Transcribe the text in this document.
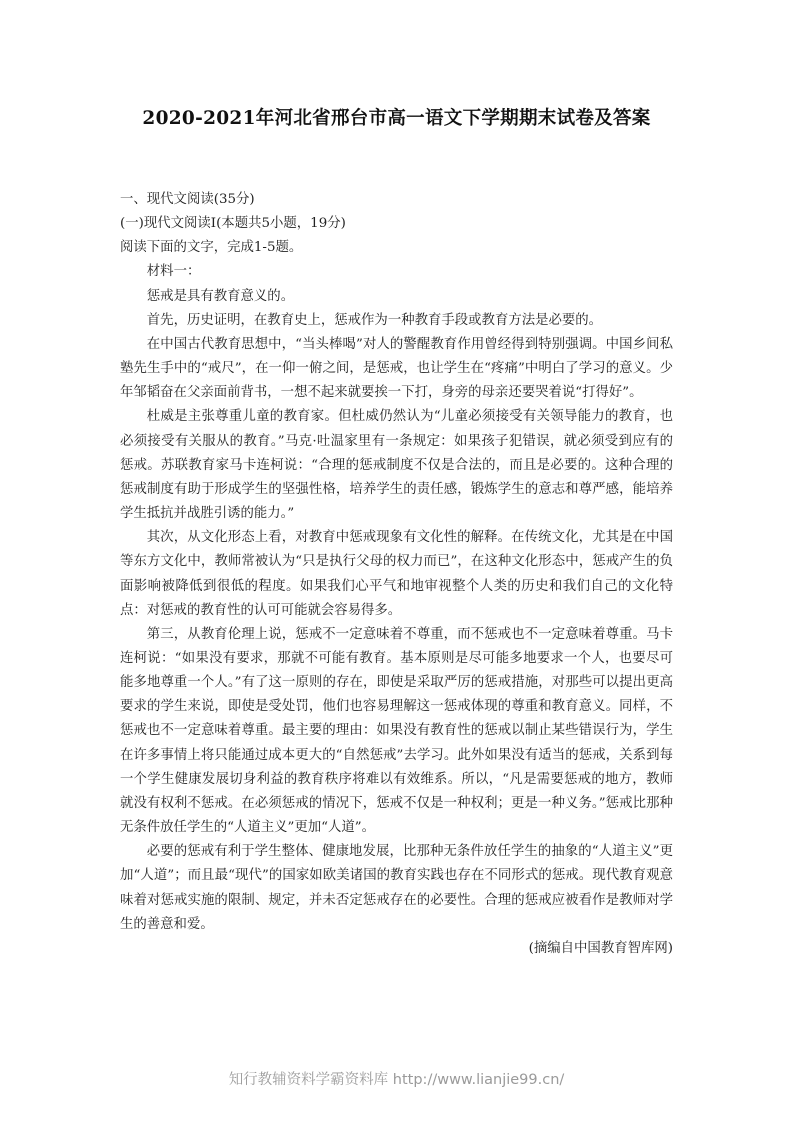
2020-2021年河北省邢台市高一语文下学期期末试卷及答案

一、现代文阅读(35分)

(一)现代文阅读Ⅰ(本题共5小题，19分)

阅读下面的文字，完成1-5题。

材料一：

惩戒是具有教育意义的。

首先，历史证明，在教育史上，惩戒作为一种教育手段或教育方法是必要的。

在中国古代教育思想中，“当头棒喝”对人的警醒教育作用曾经得到特别强调。中国乡间私塾先生手中的“戒尺”，在一仰一俯之间，是惩戒，也让学生在“疼痛”中明白了学习的意义。少年邹韬奋在父亲面前背书，一想不起来就要挨一下打，身旁的母亲还要哭着说“打得好”。

杜威是主张尊重儿童的教育家。但杜威仍然认为“儿童必须接受有关领导能力的教育，也必须接受有关服从的教育。”马克·吐温家里有一条规定：如果孩子犯错误，就必须受到应有的惩戒。苏联教育家马卡连柯说：“合理的惩戒制度不仅是合法的，而且是必要的。这种合理的惩戒制度有助于形成学生的坚强性格，培养学生的责任感，锻炼学生的意志和尊严感，能培养学生抵抗并战胜引诱的能力。”

其次，从文化形态上看，对教育中惩戒现象有文化性的解释。在传统文化，尤其是在中国等东方文化中，教师常被认为“只是执行父母的权力而已”，在这种文化形态中，惩戒产生的负面影响被降低到很低的程度。如果我们心平气和地审视整个人类的历史和我们自己的文化特点：对惩戒的教育性的认可可能就会容易得多。

第三，从教育伦理上说，惩戒不一定意味着不尊重，而不惩戒也不一定意味着尊重。马卡连柯说：“如果没有要求，那就不可能有教育。基本原则是尽可能多地要求一个人，也要尽可能多地尊重一个人。”有了这一原则的存在，即使是采取严厉的惩戒措施，对那些可以提出更高要求的学生来说，即使是受处罚，他们也容易理解这一惩戒体现的尊重和教育意义。同样，不惩戒也不一定意味着尊重。最主要的理由：如果没有教育性的惩戒以制止某些错误行为，学生在许多事情上将只能通过成本更大的“自然惩戒”去学习。此外如果没有适当的惩戒，关系到每一个学生健康发展切身利益的教育秩序将难以有效维系。所以，“凡是需要惩戒的地方，教师就没有权利不惩戒。在必须惩戒的情况下，惩戒不仅是一种权利；更是一种义务。”惩戒比那种无条件放任学生的“人道主义”更加“人道”。

必要的惩戒有利于学生整体、健康地发展，比那种无条件放任学生的抽象的“人道主义”更加“人道”；而且最“现代”的国家如欧美诸国的教育实践也存在不同形式的惩戒。现代教育观意味着对惩戒实施的限制、规定，并未否定惩戒存在的必要性。合理的惩戒应被看作是教师对学生的善意和爱。

(摘编自中国教育智库网)

知行教辅资料学霸资料库 http://www.lianjie99.cn/
